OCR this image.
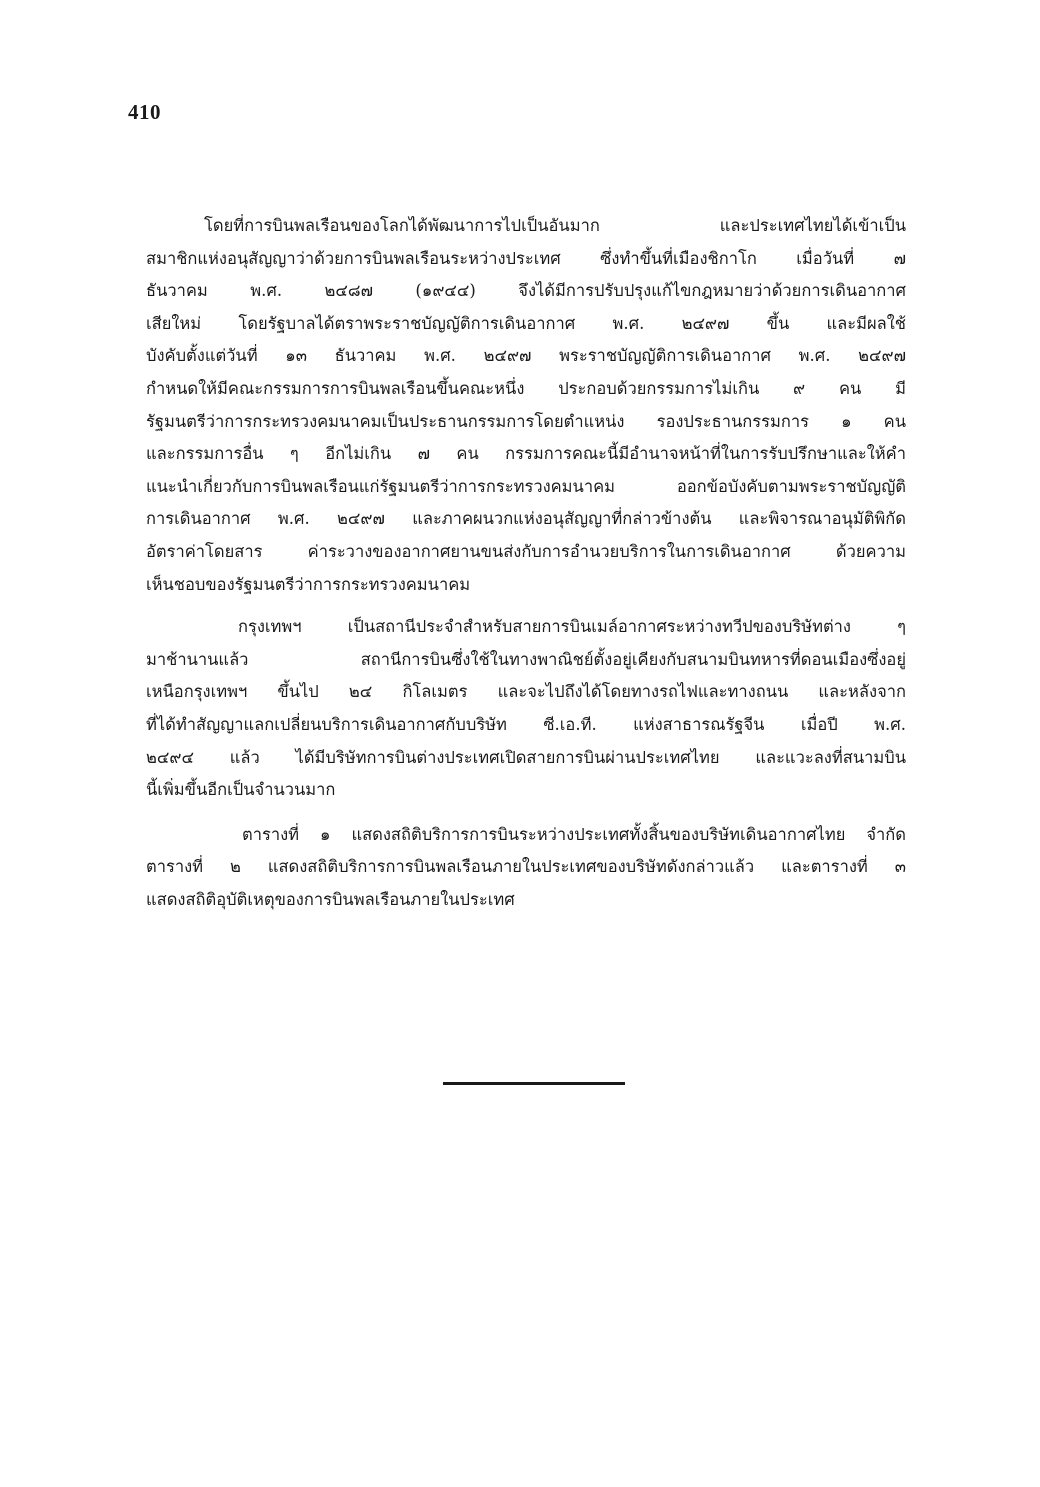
410
โดยที่การบินพลเรือนของโลกได้พัฒนาการไปเป็นอันมาก และประเทศไทยได้เข้าเป็น
สมาชิกแห่งอนุสัญญาว่าด้วยการบินพลเรือนระหว่างประเทศ ซึ่งทำขึ้นที่เมืองชิกาโก เมื่อวันที่ ๗
ธันวาคม พ.ศ. ๒๔๘๗ (๑๙๔๔) จึงได้มีการปรับปรุงแก้ไขกฎหมายว่าด้วยการเดินอากาศ
เสียใหม่ โดยรัฐบาลได้ตราพระราชบัญญัติการเดินอากาศ พ.ศ. ๒๔๙๗ ขึ้น และมีผลใช้
บังคับตั้งแต่วันที่ ๑๓ ธันวาคม พ.ศ. ๒๔๙๗ พระราชบัญญัติการเดินอากาศ พ.ศ. ๒๔๙๗
กำหนดให้มีคณะกรรมการการบินพลเรือนขึ้นคณะหนึ่ง ประกอบด้วยกรรมการไม่เกิน ๙ คน มี
รัฐมนตรีว่าการกระทรวงคมนาคมเป็นประธานกรรมการโดยตำแหน่ง รองประธานกรรมการ ๑ คน
และกรรมการอื่น ๆ อีกไม่เกิน ๗ คน กรรมการคณะนี้มีอำนาจหน้าที่ในการรับปรึกษาและให้คำ
แนะนำเกี่ยวกับการบินพลเรือนแก่รัฐมนตรีว่าการกระทรวงคมนาคม ออกข้อบังคับตามพระราชบัญญัติ
การเดินอากาศ พ.ศ. ๒๔๙๗ และภาคผนวกแห่งอนุสัญญาที่กล่าวข้างต้น และพิจารณาอนุมัติพิกัด
อัตราค่าโดยสาร ค่าระวางของอากาศยานขนส่งกับการอำนวยบริการในการเดินอากาศ ด้วยความ
เห็นชอบของรัฐมนตรีว่าการกระทรวงคมนาคม
กรุงเทพฯ เป็นสถานีประจำสำหรับสายการบินเมล์อากาศระหว่างทวีปของบริษัทต่าง ๆ
มาช้านานแล้ว สถานีการบินซึ่งใช้ในทางพาณิชย์ตั้งอยู่เคียงกับสนามบินทหารที่ดอนเมืองซึ่งอยู่
เหนือกรุงเทพฯ ขึ้นไป ๒๔ กิโลเมตร และจะไปถึงได้โดยทางรถไฟและทางถนน และหลังจาก
ที่ได้ทำสัญญาแลกเปลี่ยนบริการเดินอากาศกับบริษัท ซี.เอ.ที. แห่งสาธารณรัฐจีน เมื่อปี พ.ศ.
๒๔๙๔ แล้ว ได้มีบริษัทการบินต่างประเทศเปิดสายการบินผ่านประเทศไทย และแวะลงที่สนามบิน
นี้เพิ่มขึ้นอีกเป็นจำนวนมาก
ตารางที่ ๑ แสดงสถิติบริการการบินระหว่างประเทศทั้งสิ้นของบริษัทเดินอากาศไทย จำกัด
ตารางที่ ๒ แสดงสถิติบริการการบินพลเรือนภายในประเทศของบริษัทดังกล่าวแล้ว และตารางที่ ๓
แสดงสถิติอุบัติเหตุของการบินพลเรือนภายในประเทศ
